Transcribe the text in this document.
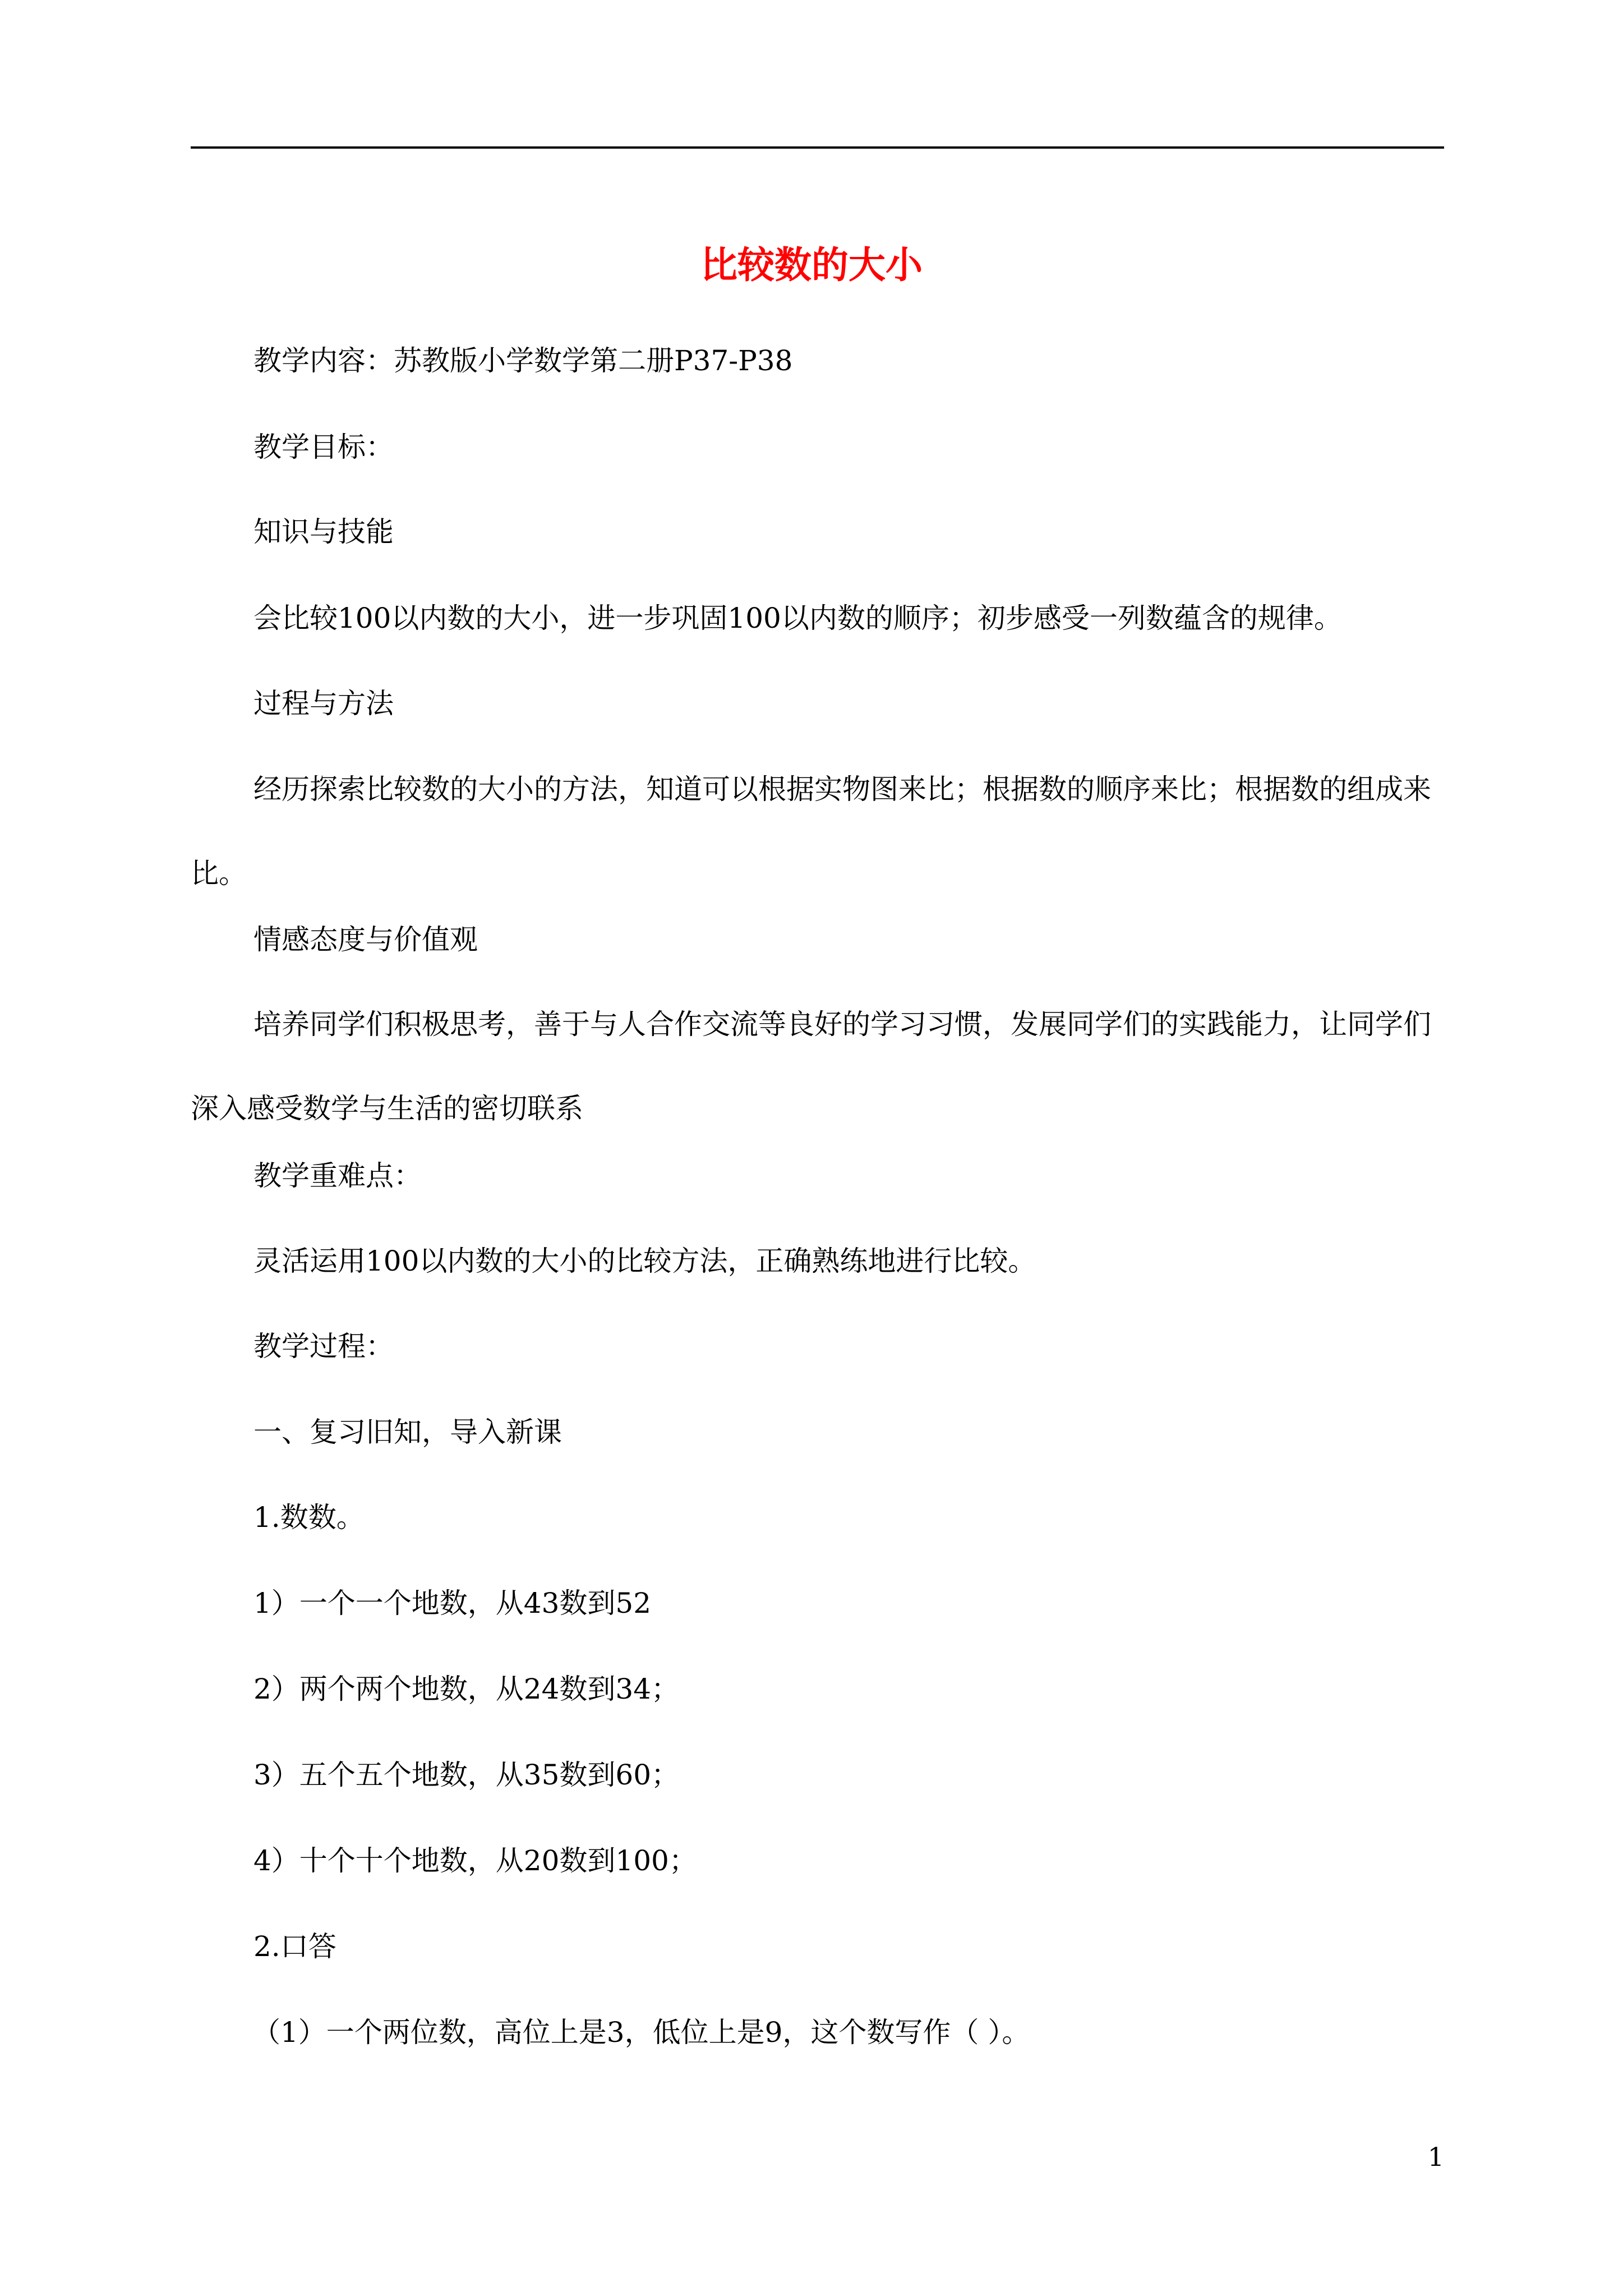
比较数的大小
教学内容：苏教版小学数学第二册P37-P38
教学目标：
知识与技能
会比较100以内数的大小，进一步巩固100以内数的顺序；初步感受一列数蕴含的规律。
过程与方法
经历探索比较数的大小的方法，知道可以根据实物图来比；根据数的顺序来比；根据数的组成来比。
情感态度与价值观
培养同学们积极思考，善于与人合作交流等良好的学习习惯，发展同学们的实践能力，让同学们深入感受数学与生活的密切联系
教学重难点：
灵活运用100以内数的大小的比较方法，正确熟练地进行比较。
教学过程：
一、复习旧知，导入新课
1.数数。
1）一个一个地数，从43数到52
2）两个两个地数，从24数到34；
3）五个五个地数，从35数到60；
4）十个十个地数，从20数到100；
2.口答
（1）一个两位数，高位上是3，低位上是9，这个数写作（ ）。
1
